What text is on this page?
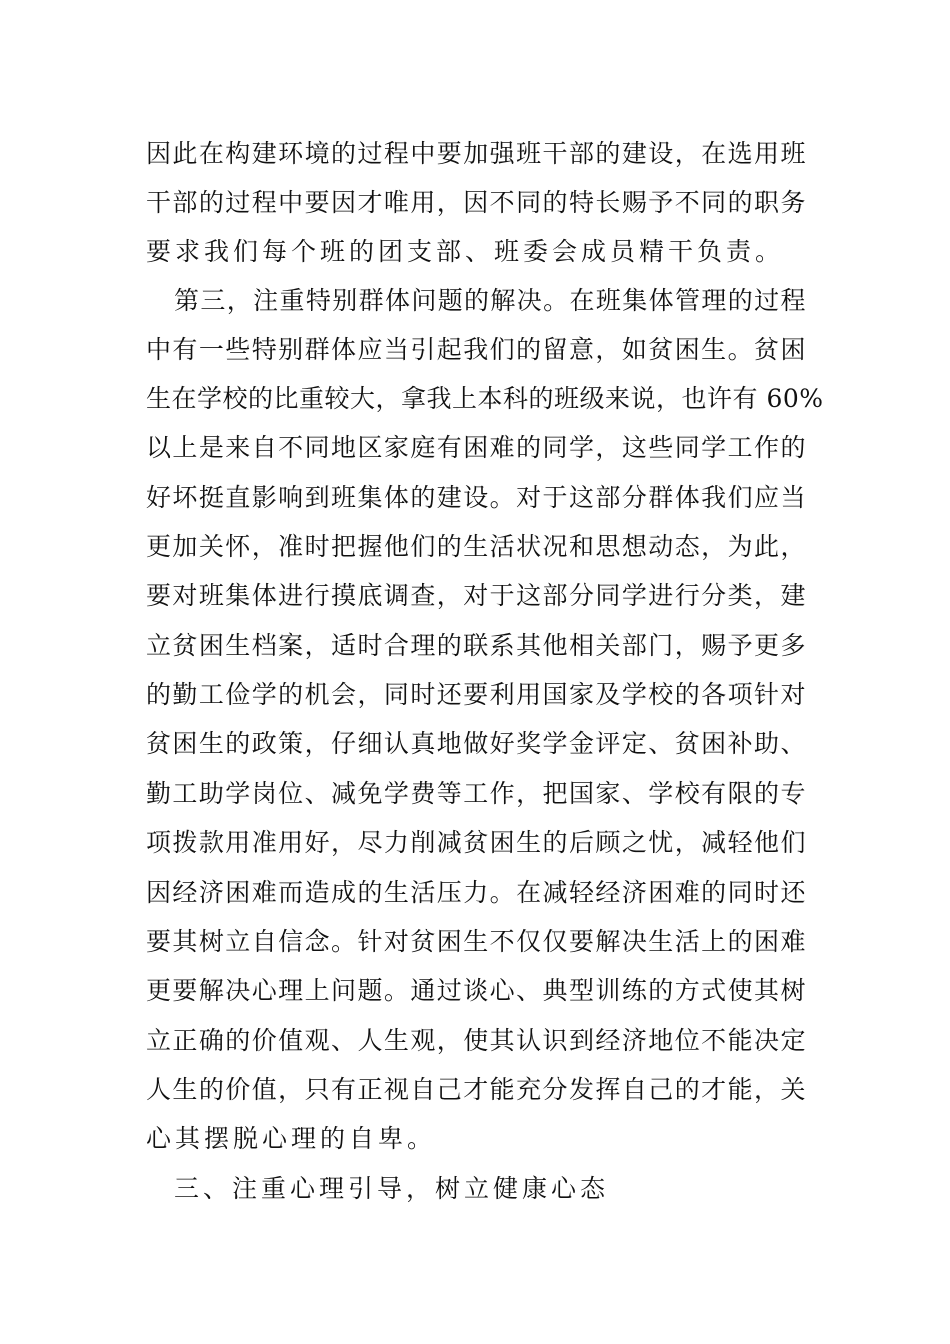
因此在构建环境的过程中要加强班干部的建设，在选用班
干部的过程中要因才唯用，因不同的特长赐予不同的职务
要求我们每个班的团支部、班委会成员精干负责。
第三，注重特别群体问题的解决。在班集体管理的过程
中有一些特别群体应当引起我们的留意，如贫困生。贫困
生在学校的比重较大，拿我上本科的班级来说，也许有 60%
以上是来自不同地区家庭有困难的同学，这些同学工作的
好坏挺直影响到班集体的建设。对于这部分群体我们应当
更加关怀，准时把握他们的生活状况和思想动态，为此，
要对班集体进行摸底调查，对于这部分同学进行分类，建
立贫困生档案，适时合理的联系其他相关部门，赐予更多
的勤工俭学的机会，同时还要利用国家及学校的各项针对
贫困生的政策，仔细认真地做好奖学金评定、贫困补助、
勤工助学岗位、减免学费等工作，把国家、学校有限的专
项拨款用准用好，尽力削减贫困生的后顾之忧，减轻他们
因经济困难而造成的生活压力。在减轻经济困难的同时还
要其树立自信念。针对贫困生不仅仅要解决生活上的困难
更要解决心理上问题。通过谈心、典型训练的方式使其树
立正确的价值观、人生观，使其认识到经济地位不能决定
人生的价值，只有正视自己才能充分发挥自己的才能，关
心其摆脱心理的自卑。
三、注重心理引导，树立健康心态
